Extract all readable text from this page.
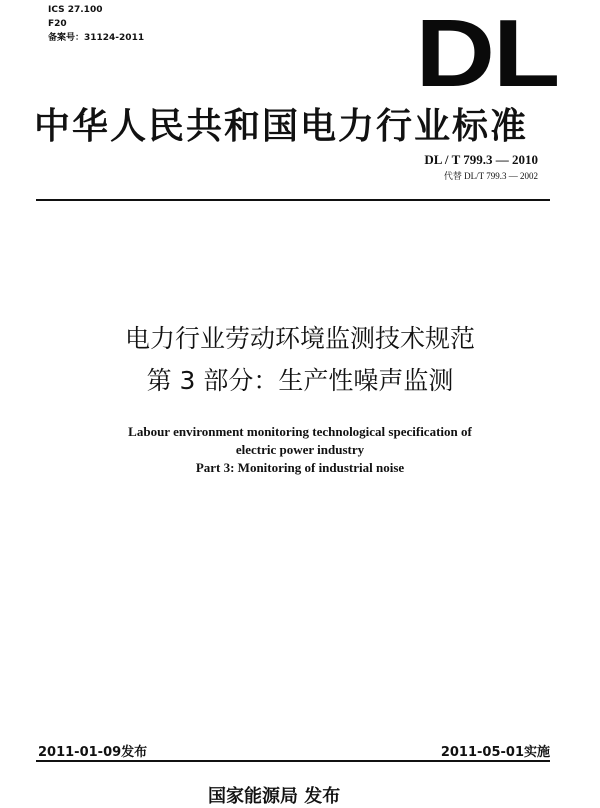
ICS 27.100
F20
备案号：31124-2011	DL
中华人民共和国电力行业标准
DL / T 799.3 — 2010
代替 DL/T 799.3 — 2002
电力行业劳动环境监测技术规范
第 3 部分：生产性噪声监测
Labour environment monitoring technological specification of
electric power industry
Part 3: Monitoring of industrial noise
2011-01-09发布	2011-05-01实施
国家能源局 发布
